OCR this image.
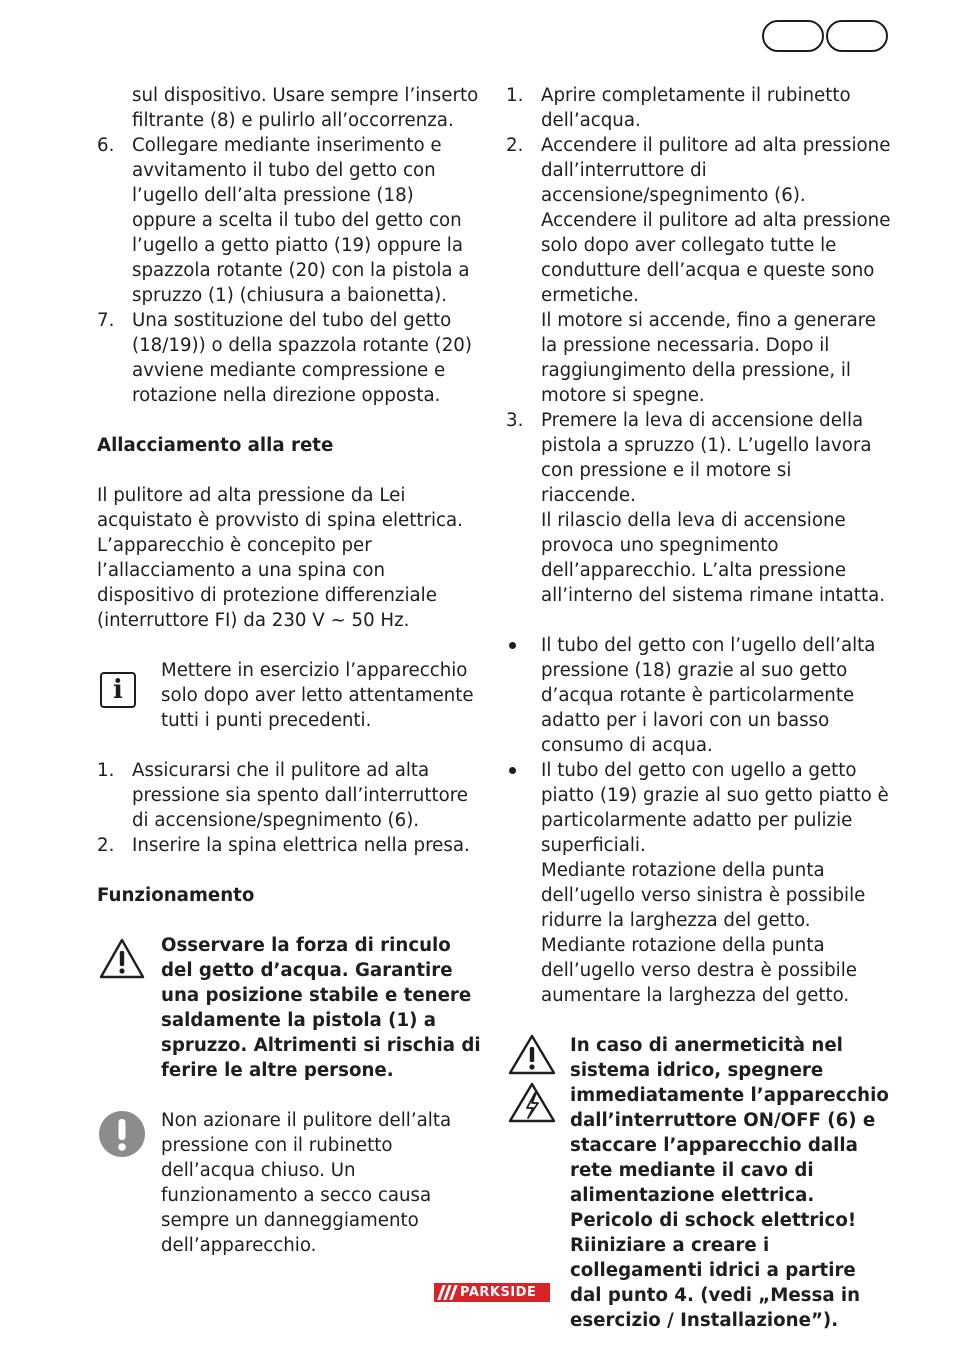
sul dispositivo. Usare sempre l’inserto filtrante (8) e pulirlo all’occorrenza.

6. Collegare mediante inserimento e avvitamento il tubo del getto con l’ugello dell’alta pressione (18) oppure a scelta il tubo del getto con l’ugello a getto piatto (19) oppure la spazzola rotante (20) con la pistola a spruzzo (1) (chiusura a baionetta).
7. Una sostituzione del tubo del getto (18/19)) o della spazzola rotante (20) avviene mediante compressione e rotazione nella direzione opposta.

Allacciamento alla rete

Il pulitore ad alta pressione da Lei acquistato è provvisto di spina elettrica. L’apparecchio è concepito per l’allacciamento a una spina con dispositivo di protezione differenziale (interruttore FI) da 230 V ~ 50 Hz.

i

Mettere in esercizio l’apparecchio solo dopo aver letto attentamente tutti i punti precedenti.

1. Assicurarsi che il pulitore ad alta pressione sia spento dall’interruttore di accensione/spegnimento (6).
2. Inserire la spina elettrica nella presa.

Funzionamento

Osservare la forza di rinculo del getto d’acqua. Garantire una posizione stabile e tenere saldamente la pistola (1) a spruzzo. Altrimenti si rischia di ferire le altre persone.

Non azionare il pulitore dell’alta pressione con il rubinetto dell’acqua chiuso. Un funzionamento a secco causa sempre un danneggiamento dell’apparecchio.

1. Aprire completamente il rubinetto dell’acqua.
2. Accendere il pulitore ad alta pressione dall’interruttore di accensione/spegnimento (6). Accendere il pulitore ad alta pressione solo dopo aver collegato tutte le condutture dell’acqua e queste sono ermetiche.

Il motore si accende, fino a generare la pressione necessaria. Dopo il raggiungimento della pressione, il motore si spegne.

3. Premere la leva di accensione della pistola a spruzzo (1). L’ugello lavora con pressione e il motore si riaccende.

Il rilascio della leva di accensione provoca uno spegnimento dell’apparecchio. L’alta pressione all’interno del sistema rimane intatta.

Il tubo del getto con l’ugello dell’alta pressione (18) grazie al suo getto d’acqua rotante è particolarmente adatto per i lavori con un basso consumo di acqua.

Il tubo del getto con ugello a getto piatto (19) grazie al suo getto piatto è particolarmente adatto per pulizie superficiali.

Mediante rotazione della punta dell’ugello verso sinistra è possibile ridurre la larghezza del getto. Mediante rotazione della punta dell’ugello verso destra è possibile aumentare la larghezza del getto.

In caso di anermeticità nel sistema idrico, spegnere immediatamente l’apparecchio dall’interruttore ON/OFF (6) e staccare l’apparecchio dalla rete mediante il cavo di alimentazione elettrica. Pericolo di schock elettrico! Riiniziare a creare i collegamenti idrici a partire dal punto 4. (vedi „Messa in esercizio / Installazione”).

PARKSIDE
